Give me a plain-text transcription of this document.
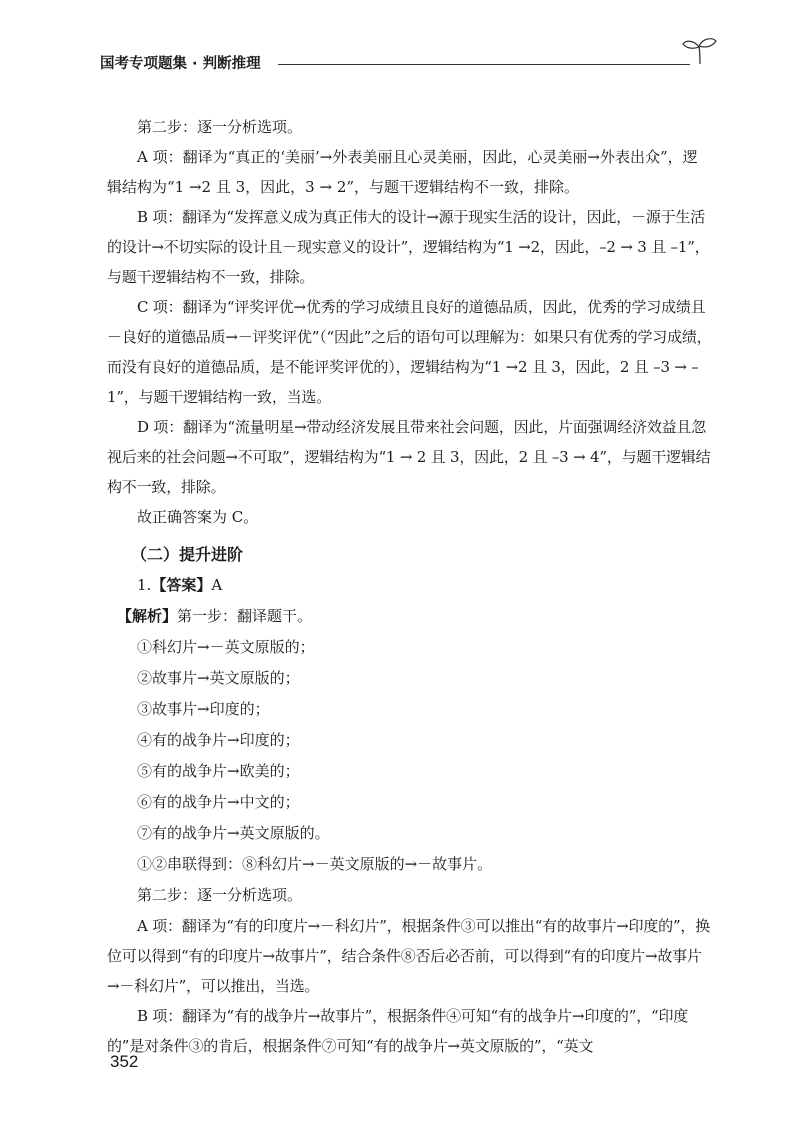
国考专项题集 · 判断推理

第二步：逐一分析选项。

A 项：翻译为“真正的‘美丽’→外表美丽且心灵美丽，因此，心灵美丽→外表出众”，逻辑结构为“1 →2 且 3，因此，3 → 2”，与题干逻辑结构不一致，排除。

B 项：翻译为“发挥意义成为真正伟大的设计→源于现实生活的设计，因此，－源于生活的设计→不切实际的设计且－现实意义的设计”，逻辑结构为“1 →2，因此，–2 → 3 且 –1”，与题干逻辑结构不一致，排除。

C 项：翻译为“评奖评优→优秀的学习成绩且良好的道德品质，因此，优秀的学习成绩且－良好的道德品质→－评奖评优”（“因此”之后的语句可以理解为：如果只有优秀的学习成绩，而没有良好的道德品质，是不能评奖评优的），逻辑结构为“1 →2 且 3，因此，2 且 –3 → –1”，与题干逻辑结构一致，当选。

D 项：翻译为“流量明星→带动经济发展且带来社会问题，因此，片面强调经济效益且忽视后来的社会问题→不可取”，逻辑结构为“1 → 2 且 3，因此，2 且 –3 → 4”，与题干逻辑结构不一致，排除。

故正确答案为 C。

（二）提升进阶
1.【答案】A
【解析】第一步：翻译题干。
①科幻片→－英文原版的；
②故事片→英文原版的；
③故事片→印度的；
④有的战争片→印度的；
⑤有的战争片→欧美的；
⑥有的战争片→中文的；
⑦有的战争片→英文原版的。
①②串联得到：⑧科幻片→－英文原版的→－故事片。
第二步：逐一分析选项。

A 项：翻译为“有的印度片→－科幻片”，根据条件③可以推出“有的故事片→印度的”，换位可以得到“有的印度片→故事片”，结合条件⑧否后必否前，可以得到“有的印度片→故事片→－科幻片”，可以推出，当选。

B 项：翻译为“有的战争片→故事片”，根据条件④可知“有的战争片→印度的”，“印度的”是对条件③的肯后，根据条件⑦可知“有的战争片→英文原版的”，“英文

352
